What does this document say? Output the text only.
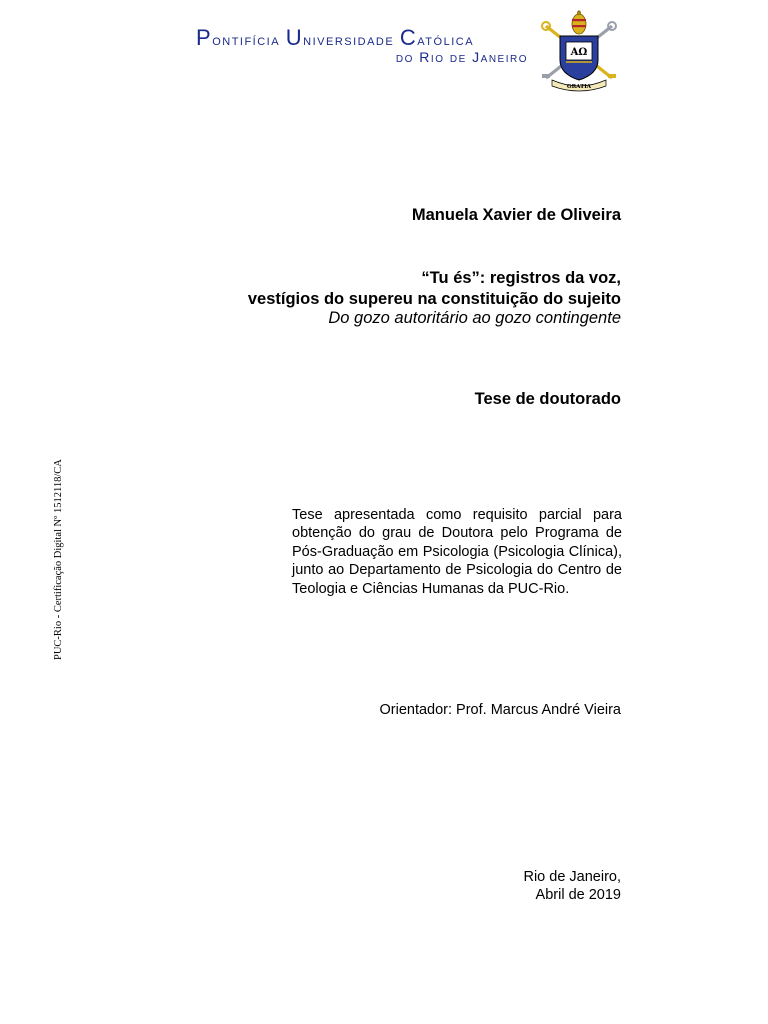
Pontifícia Universidade Católica
do Rio de Janeiro	AΩ
GRATIA
PUC-Rio - Certificação Digital Nº 1512118/CA
Manuela Xavier de Oliveira
“Tu és”: registros da voz,
vestígios do supereu na constituição do sujeito
Do gozo autoritário ao gozo contingente
Tese de doutorado
Tese apresentada como requisito parcial para obtenção do grau de Doutora pelo Programa de Pós-Graduação em Psicologia (Psicologia Clínica), junto ao Departamento de Psicologia do Centro de Teologia e Ciências Humanas da PUC-Rio.
Orientador: Prof. Marcus André Vieira
Rio de Janeiro,
Abril de 2019
